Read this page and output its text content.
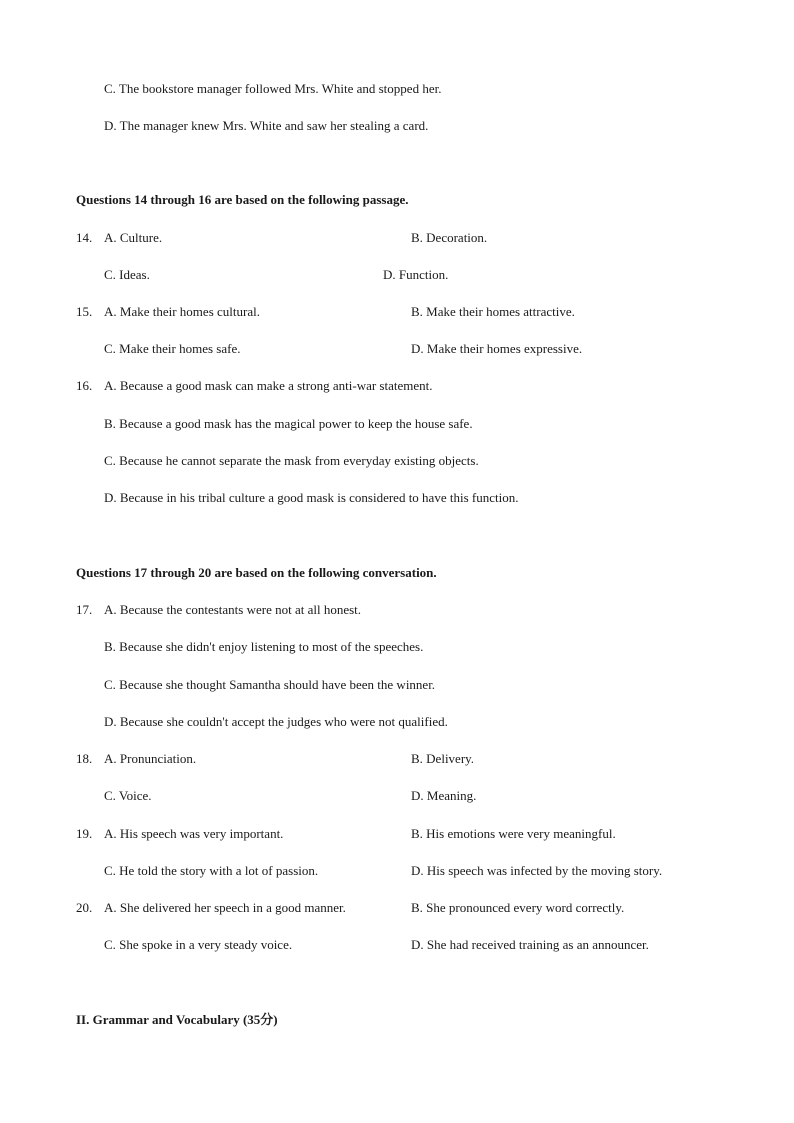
C. The bookstore manager followed Mrs. White and stopped her.
D. The manager knew Mrs. White and saw her stealing a card.
Questions 14 through 16 are based on the following passage.
14. A. Culture.	B. Decoration.
C. Ideas.	D. Function.
15. A. Make their homes cultural.	B. Make their homes attractive.
C. Make their homes safe.	D. Make their homes expressive.
16. A. Because a good mask can make a strong anti-war statement.
B. Because a good mask has the magical power to keep the house safe.
C. Because he cannot separate the mask from everyday existing objects.
D. Because in his tribal culture a good mask is considered to have this function.
Questions 17 through 20 are based on the following conversation.
17. A. Because the contestants were not at all honest.
B. Because she didn't enjoy listening to most of the speeches.
C. Because she thought Samantha should have been the winner.
D. Because she couldn't accept the judges who were not qualified.
18. A. Pronunciation.	B. Delivery.
C. Voice.	D. Meaning.
19. A. His speech was very important.	B. His emotions were very meaningful.
C. He told the story with a lot of passion.	D. His speech was infected by the moving story.
20. A. She delivered her speech in a good manner.	B. She pronounced every word correctly.
C. She spoke in a very steady voice.	D. She had received training as an announcer.
II. Grammar and Vocabulary (35分)
